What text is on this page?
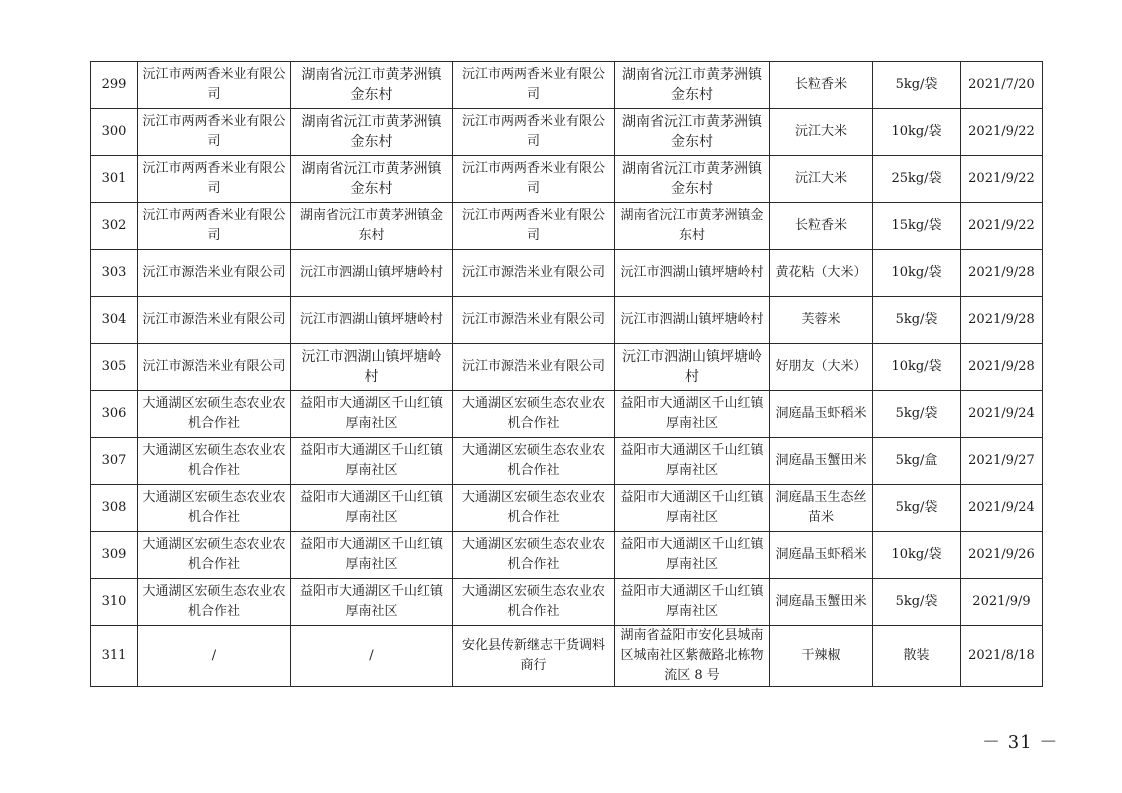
299	沅江市两两香米业有限公司	湖南省沅江市黄茅洲镇金东村	沅江市两两香米业有限公司	湖南省沅江市黄茅洲镇金东村	长粒香米	5kg/袋	2021/7/20
300	沅江市两两香米业有限公司	湖南省沅江市黄茅洲镇金东村	沅江市两两香米业有限公司	湖南省沅江市黄茅洲镇金东村	沅江大米	10kg/袋	2021/9/22
301	沅江市两两香米业有限公司	湖南省沅江市黄茅洲镇金东村	沅江市两两香米业有限公司	湖南省沅江市黄茅洲镇金东村	沅江大米	25kg/袋	2021/9/22
302	沅江市两两香米业有限公司	湖南省沅江市黄茅洲镇金东村	沅江市两两香米业有限公司	湖南省沅江市黄茅洲镇金东村	长粒香米	15kg/袋	2021/9/22
303	沅江市源浩米业有限公司	沅江市泗湖山镇坪塘岭村	沅江市源浩米业有限公司	沅江市泗湖山镇坪塘岭村	黄花粘（大米）	10kg/袋	2021/9/28
304	沅江市源浩米业有限公司	沅江市泗湖山镇坪塘岭村	沅江市源浩米业有限公司	沅江市泗湖山镇坪塘岭村	芙蓉米	5kg/袋	2021/9/28
305	沅江市源浩米业有限公司	沅江市泗湖山镇坪塘岭村	沅江市源浩米业有限公司	沅江市泗湖山镇坪塘岭村	好朋友（大米）	10kg/袋	2021/9/28
306	大通湖区宏硕生态农业农机合作社	益阳市大通湖区千山红镇厚南社区	大通湖区宏硕生态农业农机合作社	益阳市大通湖区千山红镇厚南社区	洞庭晶玉虾稻米	5kg/袋	2021/9/24
307	大通湖区宏硕生态农业农机合作社	益阳市大通湖区千山红镇厚南社区	大通湖区宏硕生态农业农机合作社	益阳市大通湖区千山红镇厚南社区	洞庭晶玉蟹田米	5kg/盒	2021/9/27
308	大通湖区宏硕生态农业农机合作社	益阳市大通湖区千山红镇厚南社区	大通湖区宏硕生态农业农机合作社	益阳市大通湖区千山红镇厚南社区	洞庭晶玉生态丝苗米	5kg/袋	2021/9/24
309	大通湖区宏硕生态农业农机合作社	益阳市大通湖区千山红镇厚南社区	大通湖区宏硕生态农业农机合作社	益阳市大通湖区千山红镇厚南社区	洞庭晶玉虾稻米	10kg/袋	2021/9/26
310	大通湖区宏硕生态农业农机合作社	益阳市大通湖区千山红镇厚南社区	大通湖区宏硕生态农业农机合作社	益阳市大通湖区千山红镇厚南社区	洞庭晶玉蟹田米	5kg/袋	2021/9/9
311	/	/	安化县传新继志干货调料商行	湖南省益阳市安化县城南区城南社区紫薇路北栋物流区 8 号	干辣椒	散装	2021/8/18
－ 31 －
